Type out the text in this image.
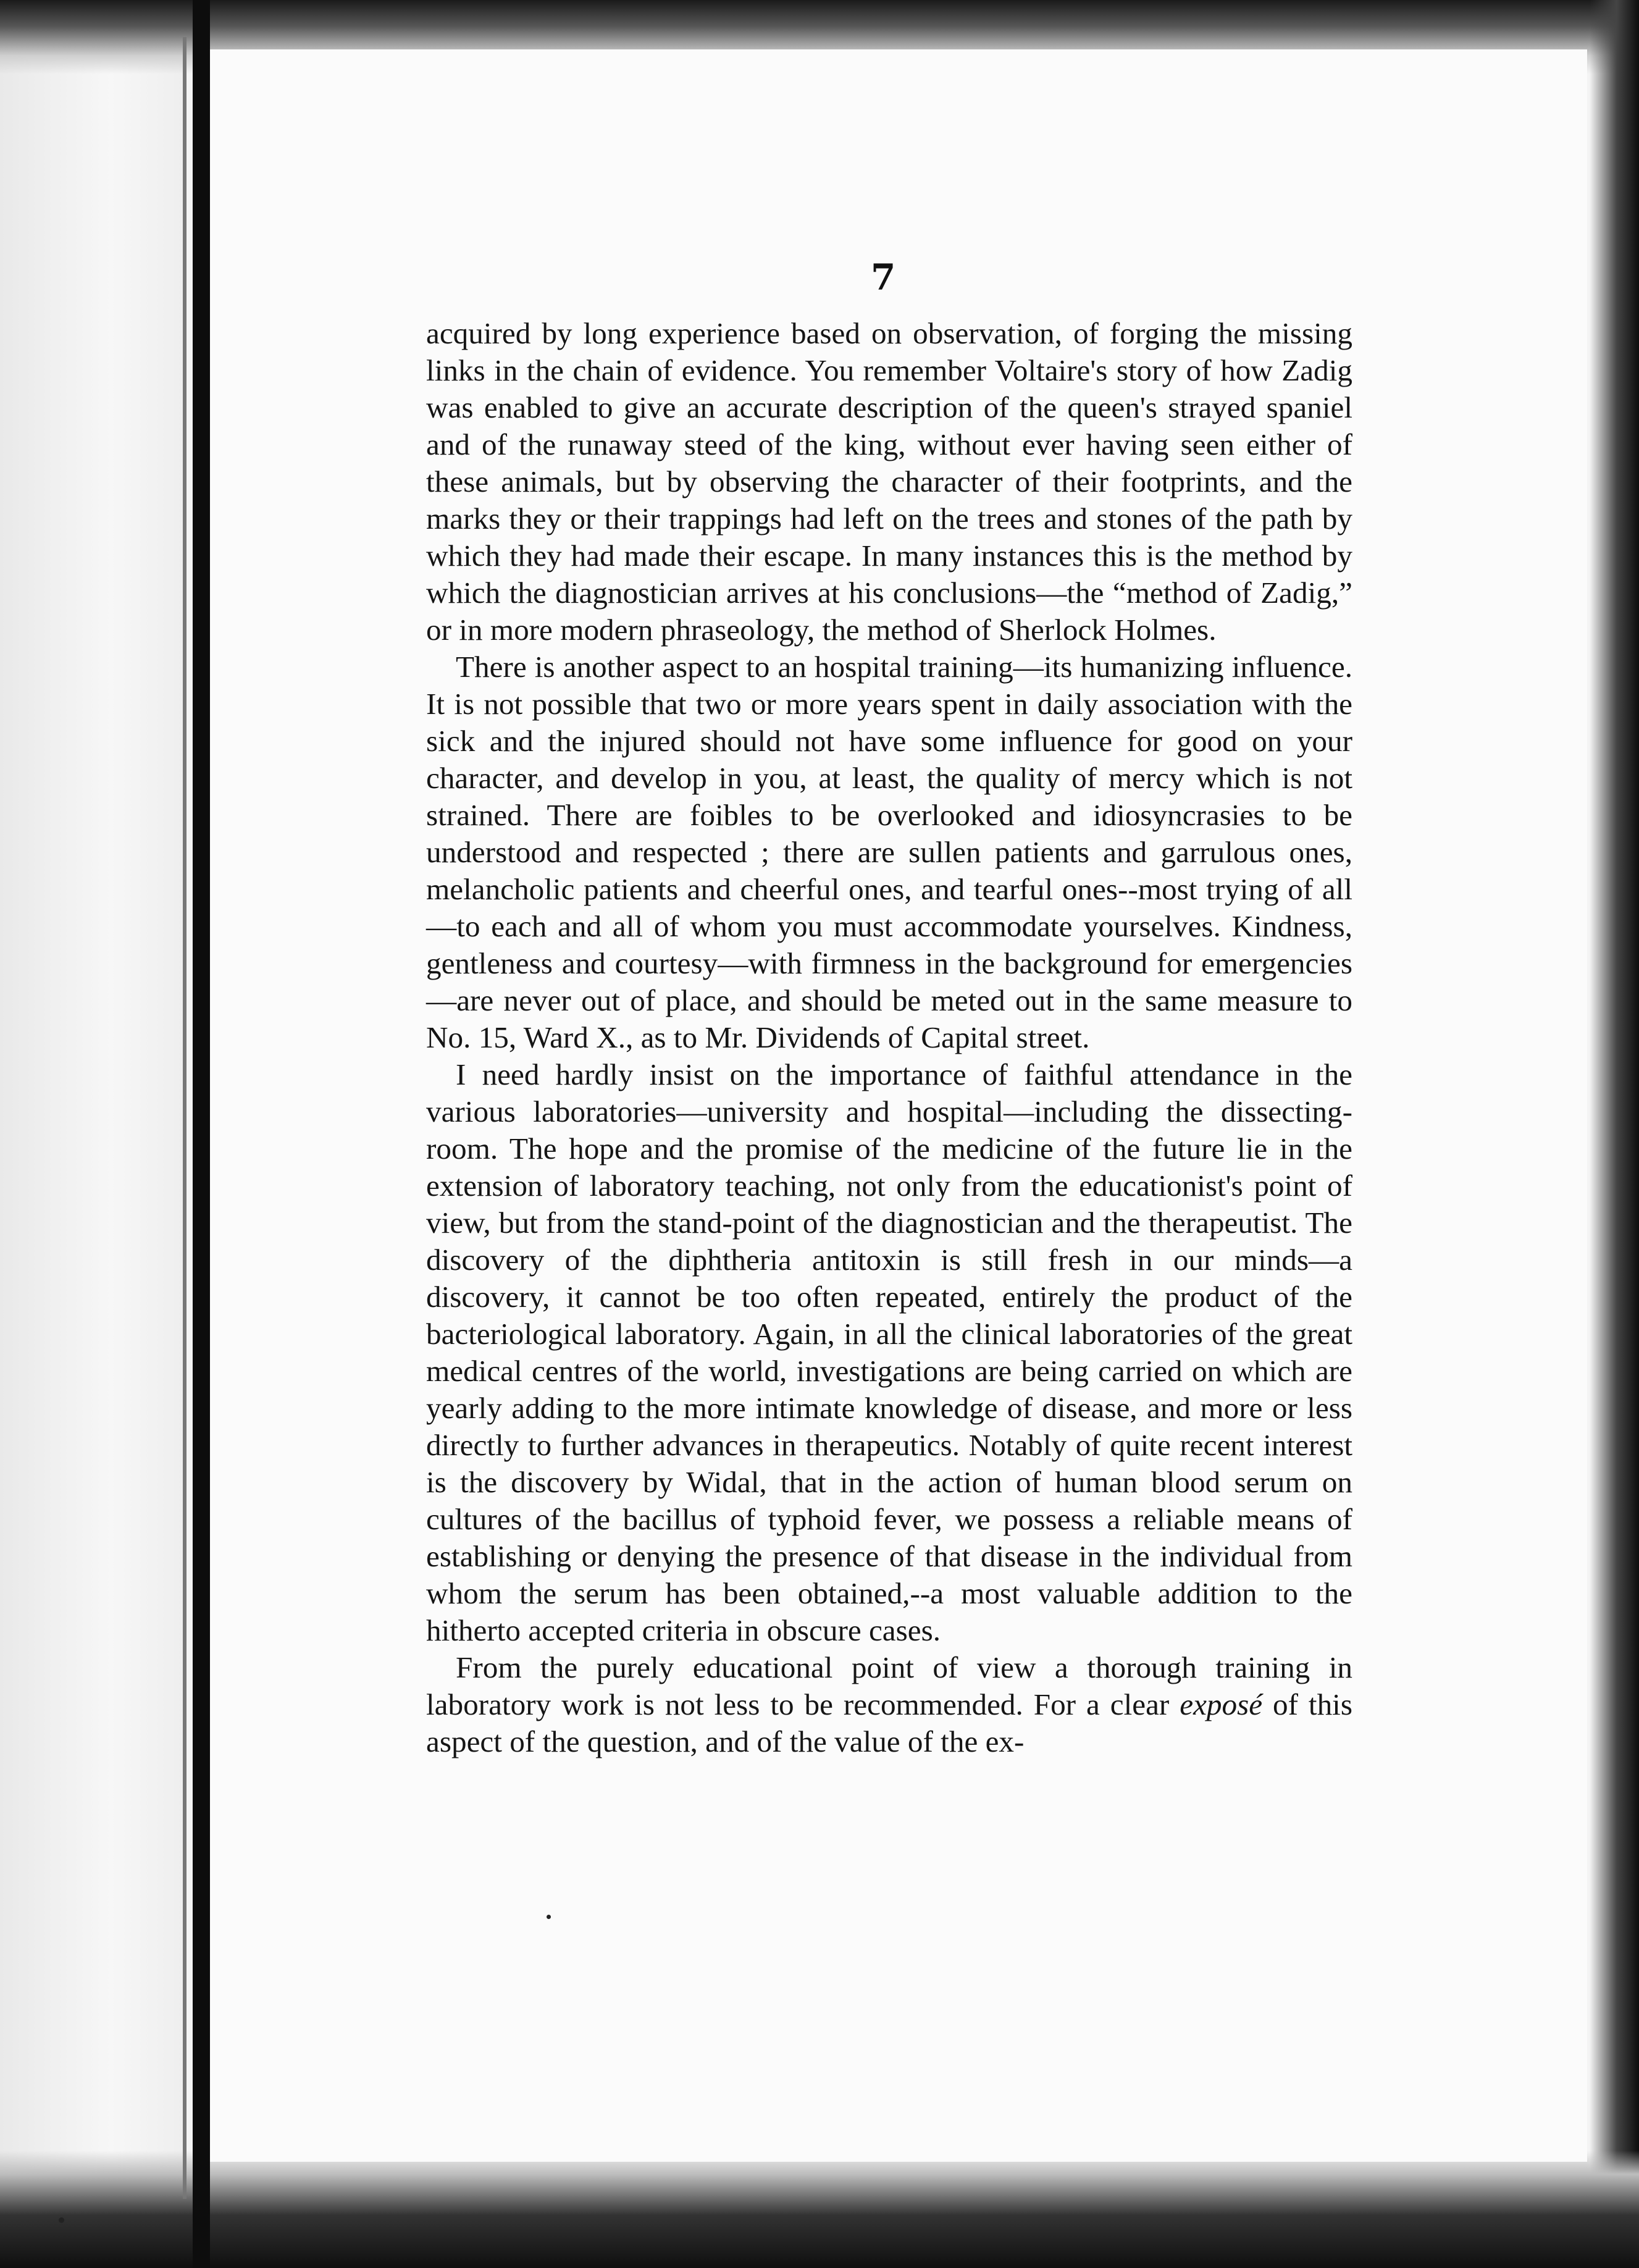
7

acquired by long experience based on observation, of forging the missing links in the chain of evidence. You remember Voltaire's story of how Zadig was enabled to give an accurate description of the queen's strayed spaniel and of the runaway steed of the king, without ever having seen either of these animals, but by observing the character of their footprints, and the marks they or their trappings had left on the trees and stones of the path by which they had made their escape. In many instances this is the method by which the diagnostician arrives at his conclusions—the “method of Zadig,” or in more modern phraseology, the method of Sherlock Holmes.

There is another aspect to an hospital training—its humanizing influence. It is not possible that two or more years spent in daily association with the sick and the injured should not have some influence for good on your character, and develop in you, at least, the quality of mercy which is not strained. There are foibles to be overlooked and idiosyncrasies to be understood and respected ; there are sullen patients and garrulous ones, melancholic patients and cheerful ones, and tearful ones--most trying of all—to each and all of whom you must accommodate yourselves. Kindness, gentleness and courtesy—with firmness in the background for emergencies—are never out of place, and should be meted out in the same measure to No. 15, Ward X., as to Mr. Dividends of Capital street.

I need hardly insist on the importance of faithful attendance in the various laboratories—university and hospital—including the dissecting-room. The hope and the promise of the medicine of the future lie in the extension of laboratory teaching, not only from the educationist's point of view, but from the stand-point of the diagnostician and the therapeutist. The discovery of the diphtheria antitoxin is still fresh in our minds—a discovery, it cannot be too often repeated, entirely the product of the bacteriological laboratory. Again, in all the clinical laboratories of the great medical centres of the world, investigations are being carried on which are yearly adding to the more intimate knowledge of disease, and more or less directly to further advances in therapeutics. Notably of quite recent interest is the discovery by Widal, that in the action of human blood serum on cultures of the bacillus of typhoid fever, we possess a reliable means of establishing or denying the presence of that disease in the individual from whom the serum has been obtained,--a most valuable addition to the hitherto accepted criteria in obscure cases.

From the purely educational point of view a thorough training in laboratory work is not less to be recommended. For a clear exposé of this aspect of the question, and of the value of the ex-
